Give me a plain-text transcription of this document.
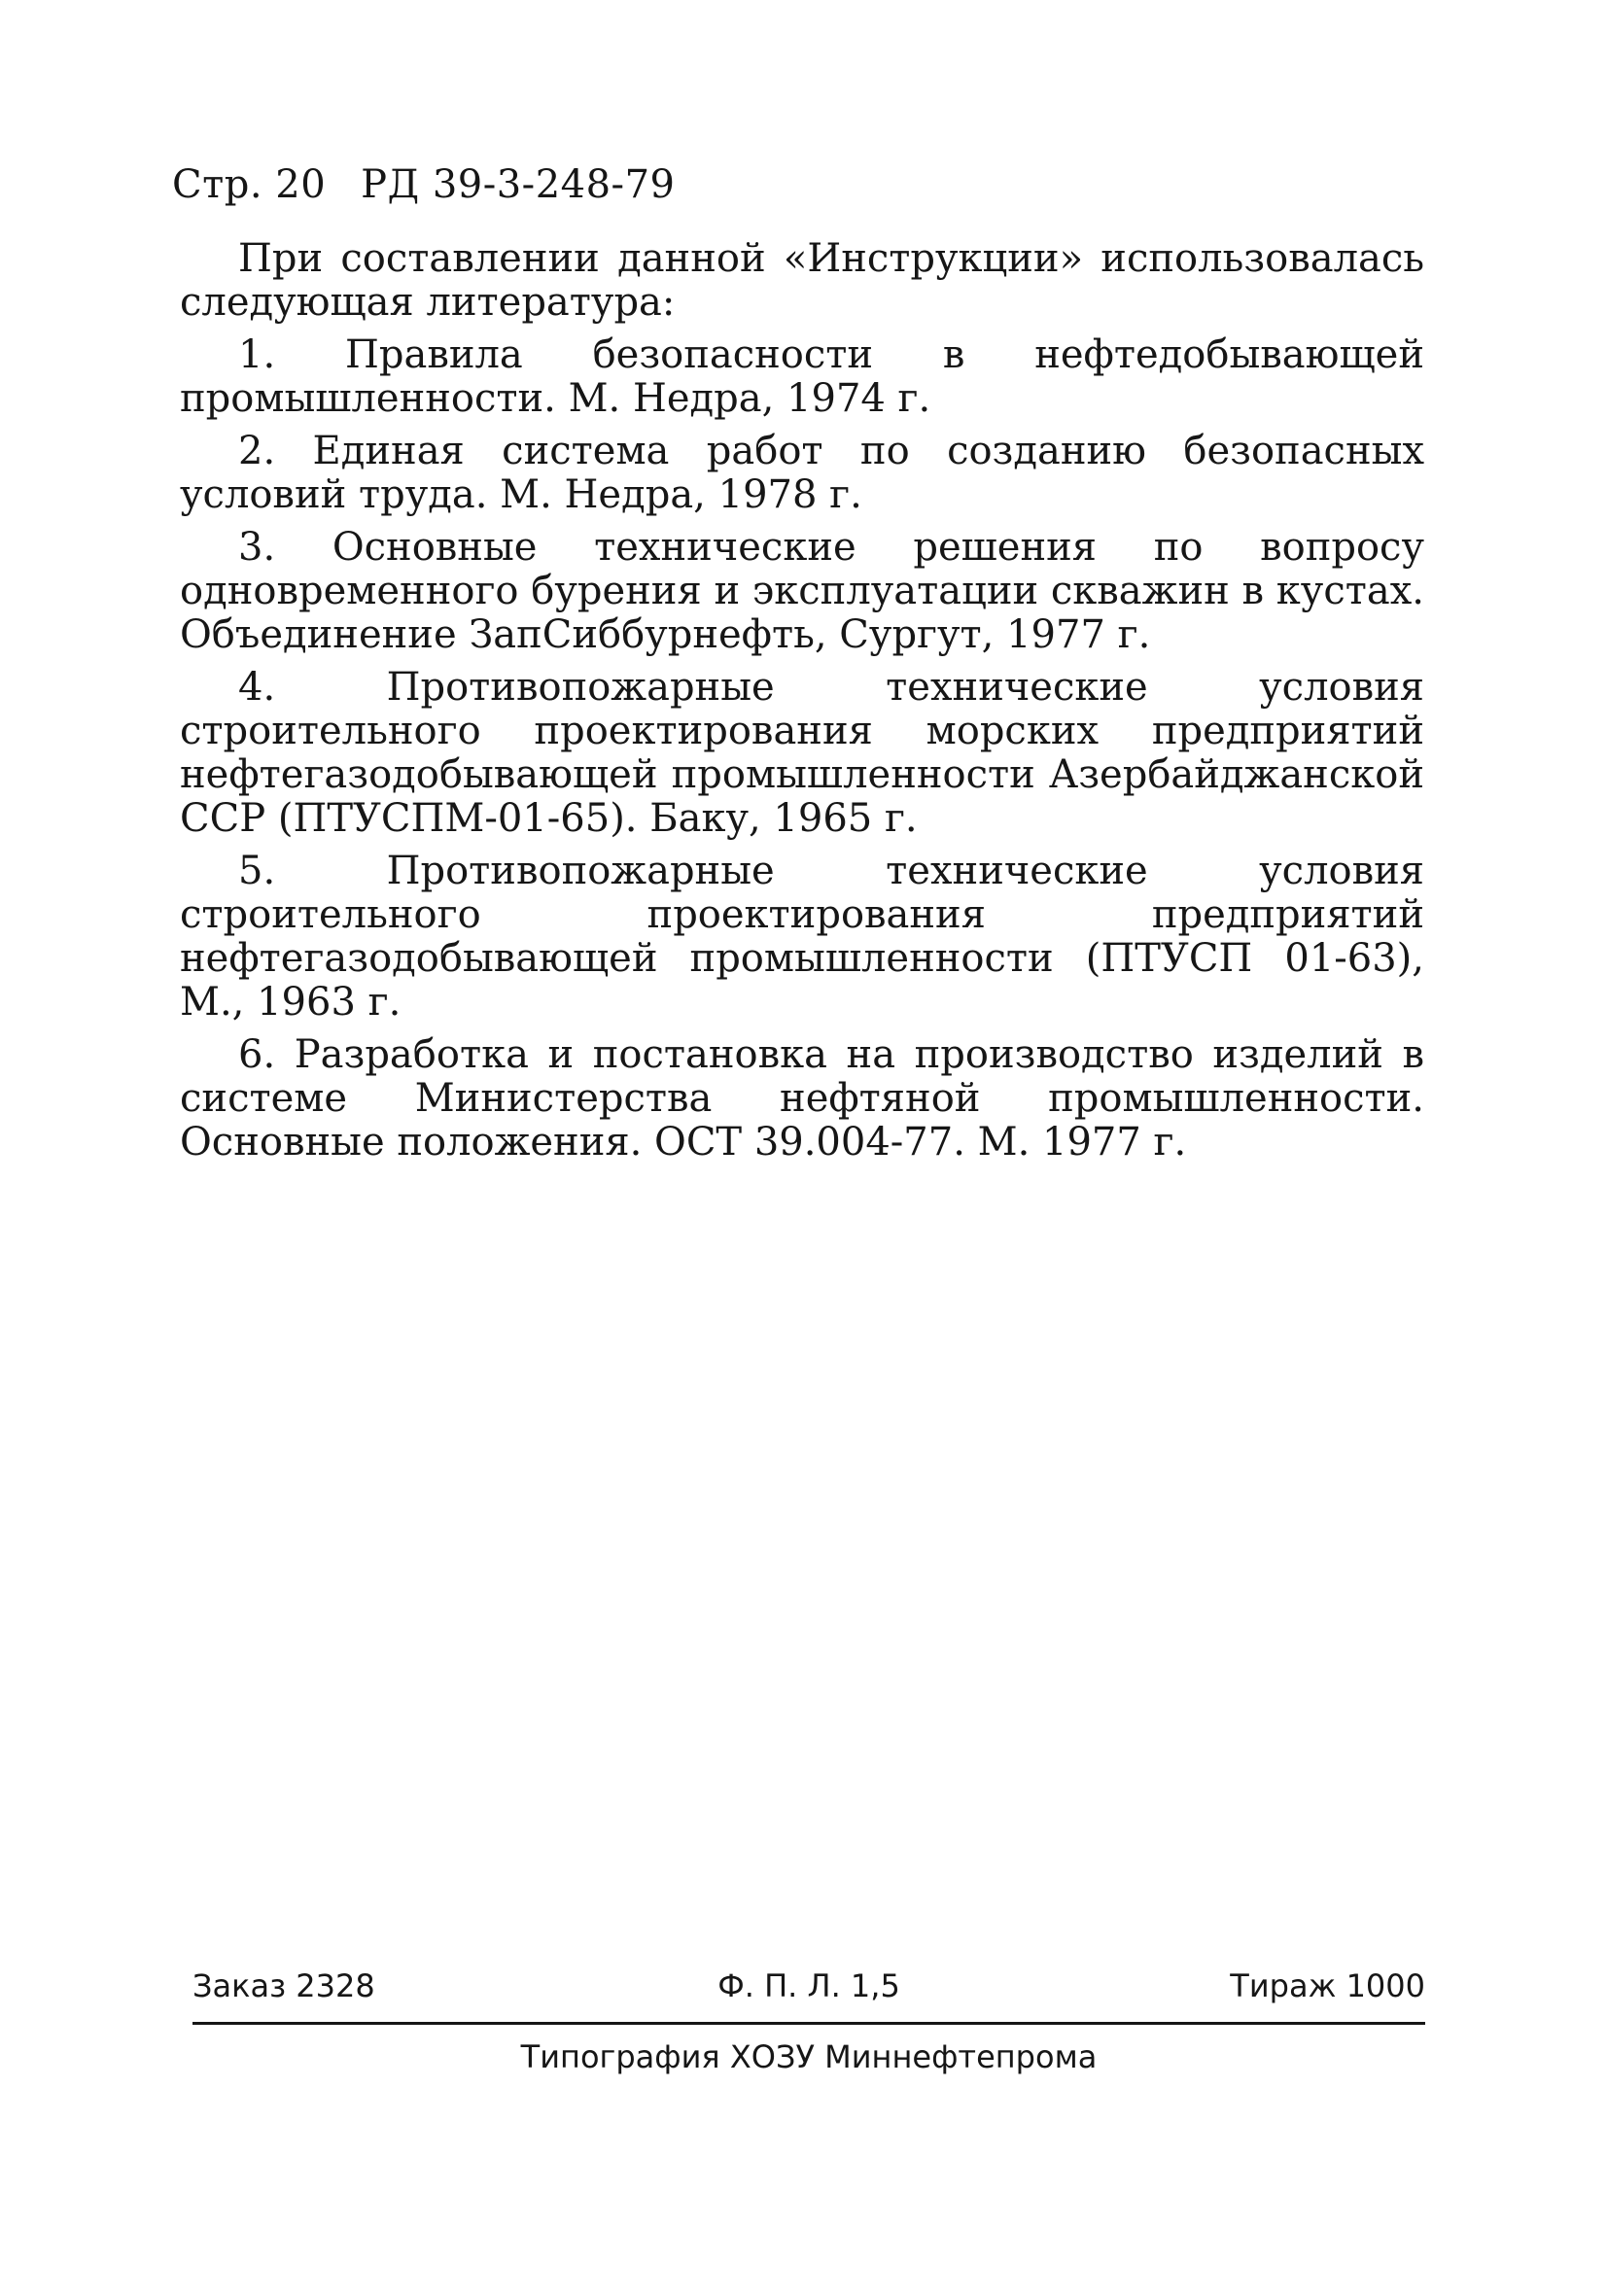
Стр. 20 РД 39-3-248-79

При составлении данной «Инструкции» использовалась следующая литература:

1. Правила безопасности в нефтедобывающей промышленности. М. Недра, 1974 г.

2. Единая система работ по созданию безопасных условий труда. М. Недра, 1978 г.

3. Основные технические решения по вопросу одновременного бурения и эксплуатации скважин в кустах. Объединение ЗапСиббурнефть, Сургут, 1977 г.

4. Противопожарные технические условия строительного проектирования морских предприятий нефтегазодобывающей промышленности Азербайджанской ССР (ПТУСПМ-01-65). Баку, 1965 г.

5. Противопожарные технические условия строительного проектирования предприятий нефтегазодобывающей промышленности (ПТУСП 01-63), М., 1963 г.

6. Разработка и постановка на производство изделий в системе Министерства нефтяной промышленности. Основные положения. ОСТ 39.004-77. М. 1977 г.

Заказ 2328	Ф. П. Л. 1,5	Тираж 1000
Типография ХОЗУ Миннефтепрома
